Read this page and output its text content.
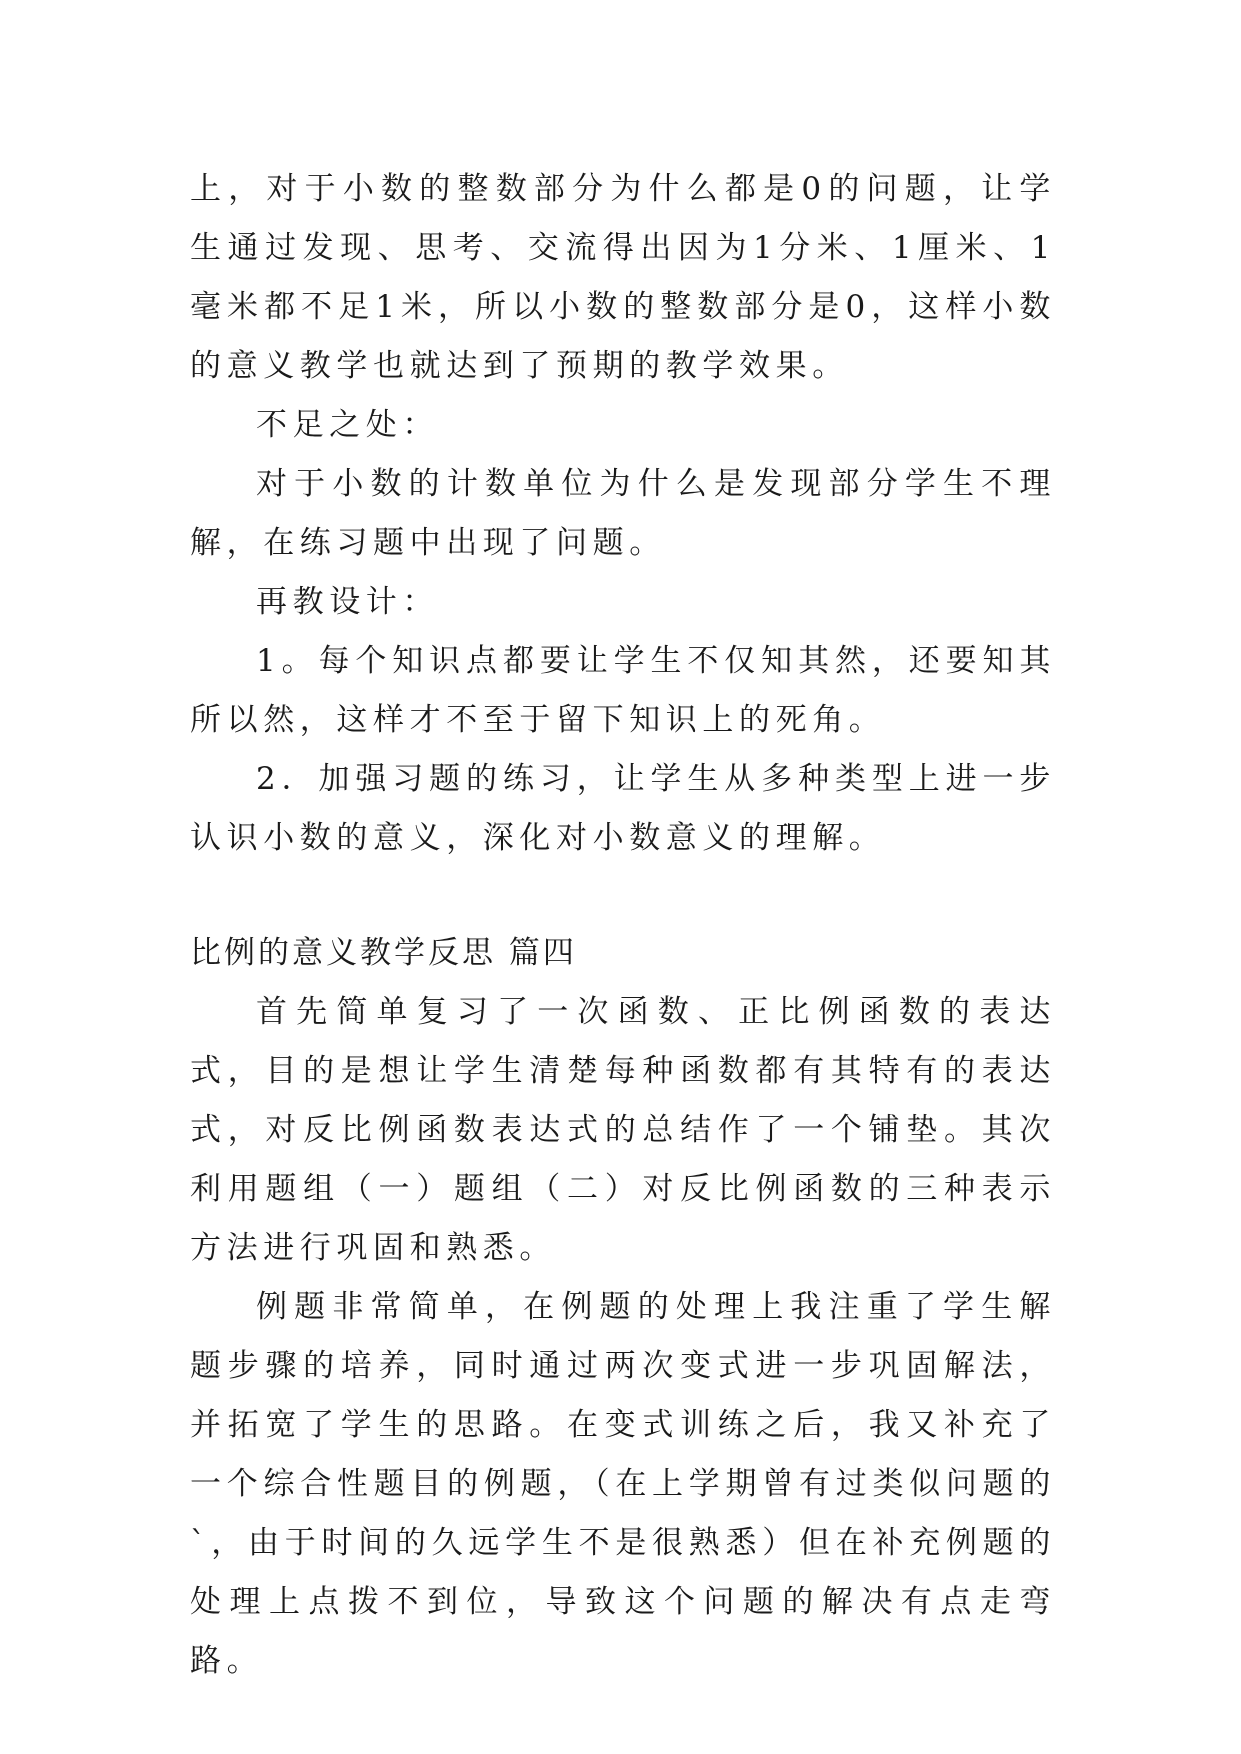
上，对于小数的整数部分为什么都是0的问题，让学生通过发现、思考、交流得出因为1分米、1厘米、1毫米都不足1米，所以小数的整数部分是0，这样小数的意义教学也就达到了预期的教学效果。

不足之处：

对于小数的计数单位为什么是发现部分学生不理解，在练习题中出现了问题。

再教设计：

1。每个知识点都要让学生不仅知其然，还要知其所以然，这样才不至于留下知识上的死角。

2．加强习题的练习，让学生从多种类型上进一步认识小数的意义，深化对小数意义的理解。

比例的意义教学反思 篇四

首先简单复习了一次函数、正比例函数的表达式，目的是想让学生清楚每种函数都有其特有的表达式，对反比例函数表达式的总结作了一个铺垫。其次利用题组（一）题组（二）对反比例函数的三种表示方法进行巩固和熟悉。

例题非常简单，在例题的处理上我注重了学生解题步骤的培养，同时通过两次变式进一步巩固解法，并拓宽了学生的思路。在变式训练之后，我又补充了一个综合性题目的例题，（在上学期曾有过类似问题的`，由于时间的久远学生不是很熟悉）但在补充例题的处理上点拨不到位，导致这个问题的解决有点走弯路。
